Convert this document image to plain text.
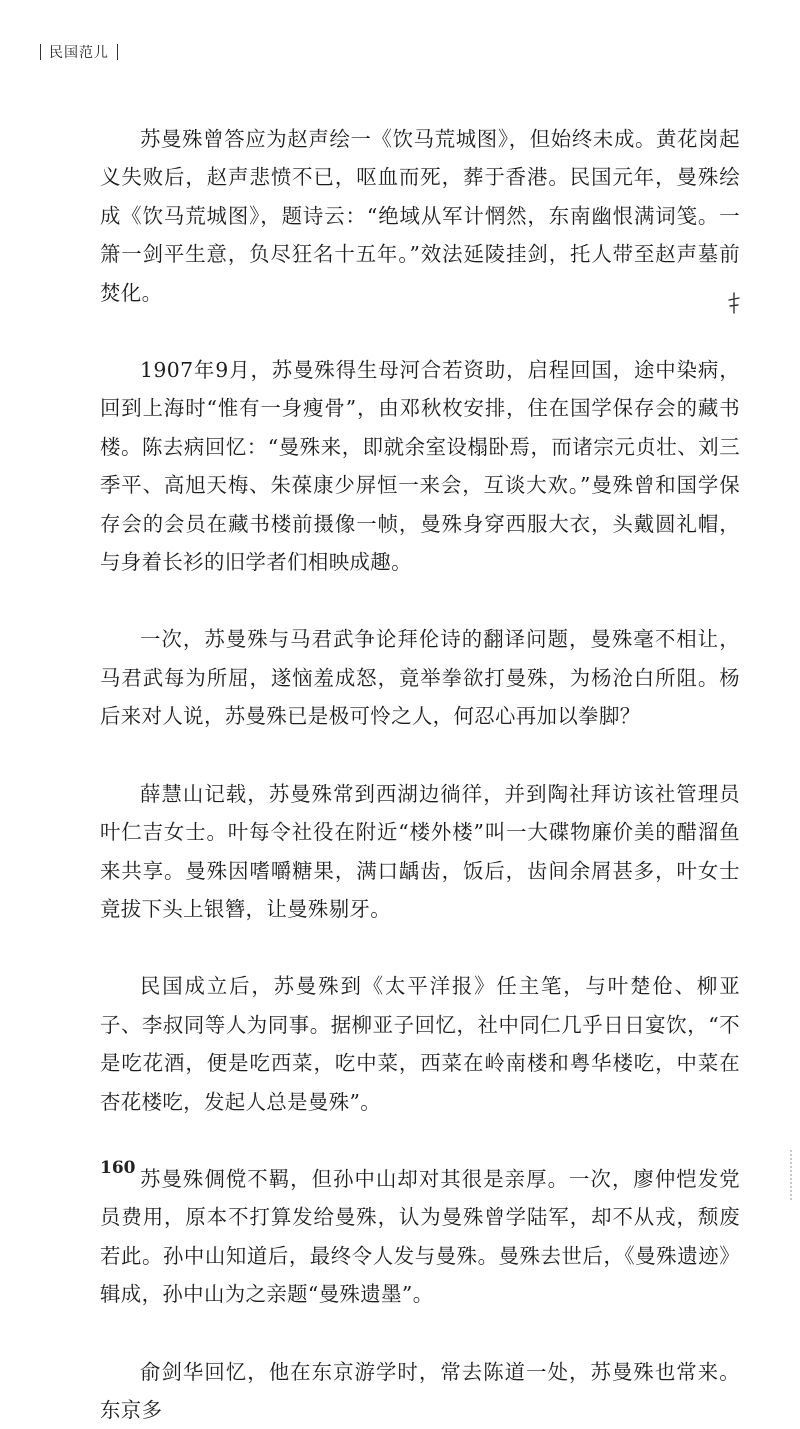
民国范儿

苏曼殊曾答应为赵声绘一《饮马荒城图》，但始终未成。黄花岗起义失败后，赵声悲愤不已，呕血而死，葬于香港。民国元年，曼殊绘成《饮马荒城图》，题诗云：“绝域从军计惘然，东南幽恨满词笺。一箫一剑平生意，负尽狂名十五年。”效法延陵挂剑，托人带至赵声墓前焚化。

1907年9月，苏曼殊得生母河合若资助，启程回国，途中染病，回到上海时“惟有一身瘦骨”，由邓秋枚安排，住在国学保存会的藏书楼。陈去病回忆：“曼殊来，即就余室设榻卧焉，而诸宗元贞壮、刘三季平、高旭天梅、朱葆康少屏恒一来会，互谈大欢。”曼殊曾和国学保存会的会员在藏书楼前摄像一帧，曼殊身穿西服大衣，头戴圆礼帽，与身着长衫的旧学者们相映成趣。

一次，苏曼殊与马君武争论拜伦诗的翻译问题，曼殊毫不相让，马君武每为所屈，遂恼羞成怒，竟举拳欲打曼殊，为杨沧白所阻。杨后来对人说，苏曼殊已是极可怜之人，何忍心再加以拳脚？

薛慧山记载，苏曼殊常到西湖边徜徉，并到陶社拜访该社管理员叶仁吉女士。叶每令社役在附近“楼外楼”叫一大碟物廉价美的醋溜鱼来共享。曼殊因嗜嚼糖果，满口龋齿，饭后，齿间余屑甚多，叶女士竟拔下头上银簪，让曼殊剔牙。

民国成立后，苏曼殊到《太平洋报》任主笔，与叶楚伧、柳亚子、李叔同等人为同事。据柳亚子回忆，社中同仁几乎日日宴饮，“不是吃花酒，便是吃西菜，吃中菜，西菜在岭南楼和粤华楼吃，中菜在杏花楼吃，发起人总是曼殊”。

苏曼殊倜傥不羁，但孙中山却对其很是亲厚。一次，廖仲恺发党员费用，原本不打算发给曼殊，认为曼殊曾学陆军，却不从戎，颓废若此。孙中山知道后，最终令人发与曼殊。曼殊去世后，《曼殊遗迹》辑成，孙中山为之亲题“曼殊遗墨”。

俞剑华回忆，他在东京游学时，常去陈道一处，苏曼殊也常来。东京多

160
